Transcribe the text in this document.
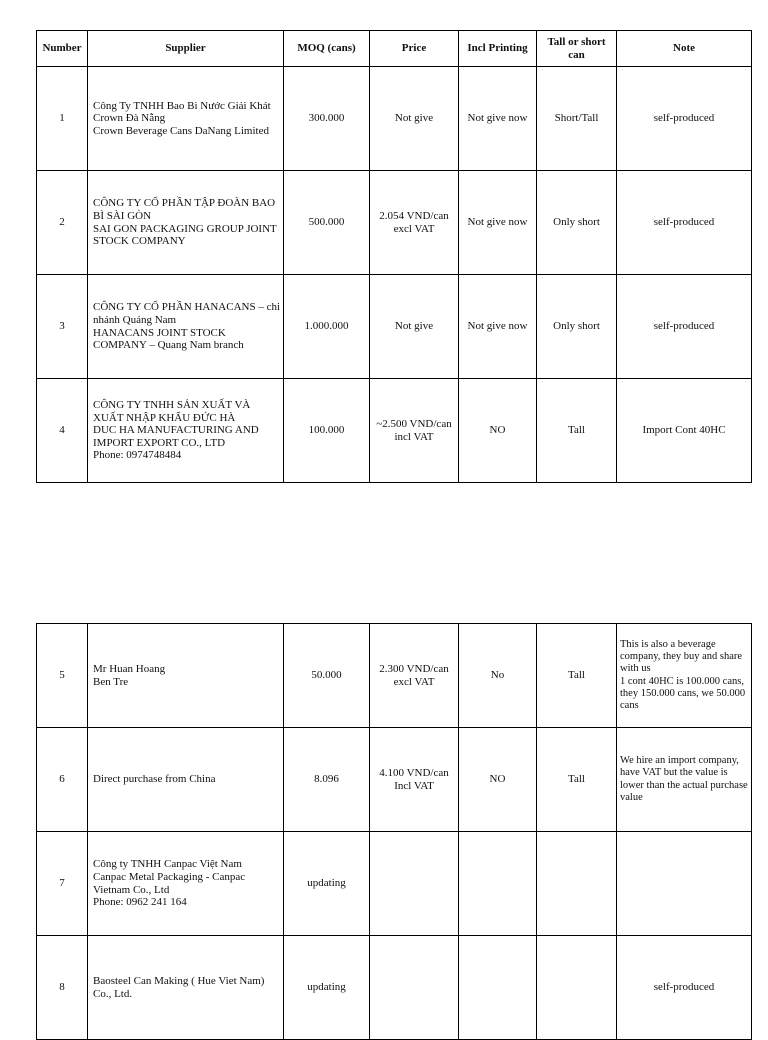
Number	Supplier	MOQ (cans)	Price	Incl Printing	Tall or short can	Note
1	Công Ty TNHH Bao Bì Nước Giải Khát Crown Đà Nẵng
Crown Beverage Cans DaNang Limited	300.000	Not give	Not give now	Short/Tall	self-produced
2	CÔNG TY CỔ PHẦN TẬP ĐOÀN BAO BÌ SÀI GÒN
SAI GON PACKAGING GROUP JOINT STOCK COMPANY	500.000	2.054 VND/can excl VAT	Not give now	Only short	self-produced
3	CÔNG TY CỔ PHẦN HANACANS – chi nhánh Quảng Nam
HANACANS JOINT STOCK COMPANY – Quang Nam branch	1.000.000	Not give	Not give now	Only short	self-produced
4	CÔNG TY TNHH SẢN XUẤT VÀ XUẤT NHẬP KHẨU ĐỨC HÀ
DUC HA MANUFACTURING AND IMPORT EXPORT CO., LTD
Phone: 0974748484	100.000	~2.500 VND/can incl VAT	NO	Tall	Import Cont 40HC
5	Mr Huan Hoang
Ben Tre	50.000	2.300 VND/can excl VAT	No	Tall	This is also a beverage company, they buy and share with us
1 cont 40HC is 100.000 cans, they 150.000 cans, we 50.000 cans
6	Direct purchase from China	8.096	4.100 VND/can Incl VAT	NO	Tall	We hire an import company, have VAT but the value is lower than the actual purchase value
7	Công ty TNHH Canpac Việt Nam
Canpac Metal Packaging - Canpac Vietnam Co., Ltd
Phone: 0962 241 164	updating				
8	Baosteel Can Making ( Hue Viet Nam) Co., Ltd.	updating				self-produced
